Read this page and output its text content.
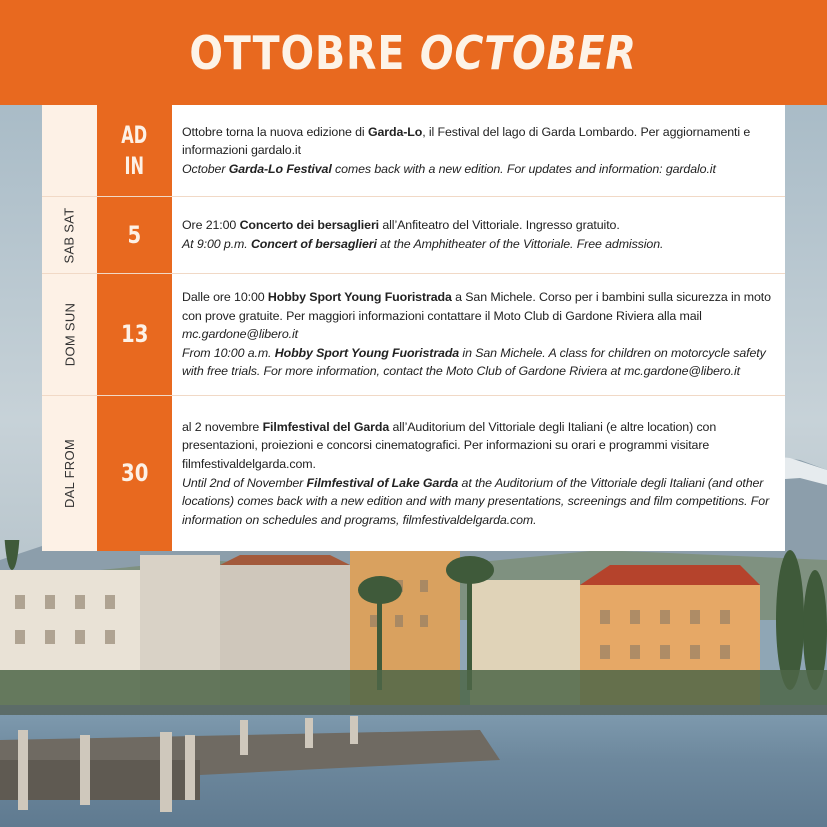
OTTOBRE OCTOBER
AD
IN
Ottobre torna la nuova edizione di Garda-Lo, il Festival del lago di Garda Lombardo. Per aggiornamenti e informazioni gardalo.it
October Garda-Lo Festival comes back with a new edition. For updates and information: gardalo.it
SAB SAT 5	Ore 21:00 Concerto dei bersaglieri all’Anfiteatro del Vittoriale. Ingresso gratuito.
At 9:00 p.m. Concert of bersaglieri at the Amphitheater of the Vittoriale. Free admission.
DOM SUN 13
Dalle ore 10:00 Hobby Sport Young Fuoristrada a San Michele. Corso per i bambini sulla sicurezza in moto con prove gratuite. Per maggiori informazioni contattare il Moto Club di Gardone Riviera alla mail mc.gardone@libero.it
From 10:00 a.m. Hobby Sport Young Fuoristrada in San Michele. A class for children on motorcycle safety with free trials. For more information, contact the Moto Club of Gardone Riviera at mc.gardone@libero.it
DAL FROM 30
al 2 novembre Filmfestival del Garda all’Auditorium del Vittoriale degli Italiani (e altre location) con presentazioni, proiezioni e concorsi cinematografici. Per informazioni su orari e programmi visitare filmfestivaldelgarda.com.
Until 2nd of November Filmfestival of Lake Garda at the Auditorium of the Vittoriale degli Italiani (and other locations) comes back with a new edition and with many presentations, screenings and film competitions. For information on schedules and programs, filmfestivaldelgarda.com.
